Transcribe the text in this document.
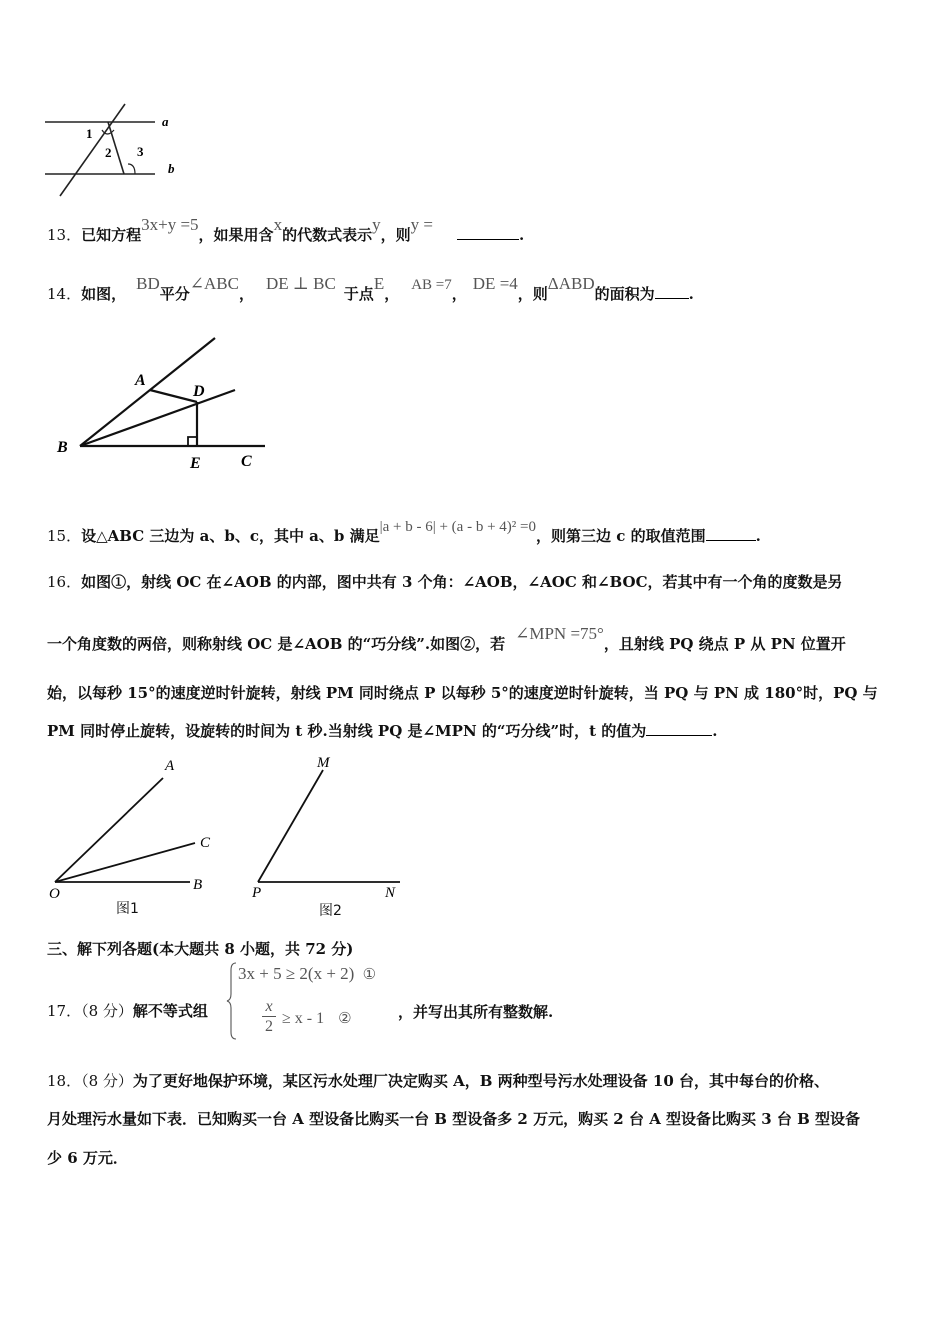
1
2 3
a
b
13．已知方程3x+y =5，如果用含x的代数式表示y，则y =.
14．如图，BD平分∠ABC，DE ⊥ BC于点E， AB =7，DE =4，则ΔABD的面积为 .
A
D
B
E	C
15．设△ABC 三边为 a、b、c，其中 a、b 满足|a + b - 6| + (a - b + 4)² =0，则第三边 c 的取值范围	.
16．如图①，射线 OC 在∠AOB 的内部，图中共有 3 个角：∠AOB，∠AOC 和∠BOC，若其中有一个角的度数是另
一个角度数的两倍，则称射线 OC 是∠AOB 的“巧分线”.如图②，若∠MPN =75°，且射线 PQ 绕点 P 从 PN 位置开
始，以每秒 15°的速度逆时针旋转，射线 PM 同时绕点 P 以每秒 5°的速度逆时针旋转，当 PQ 与 PN 成 180°时，PQ 与
PM 同时停止旋转，设旋转的时间为 t 秒.当射线 PQ 是∠MPN 的“巧分线”时，t 的值为	.
A
C
O
B
M
P	N
图1	图2
三、解下列各题(本大题共 8 小题，共 72 分)
17．（8 分）解不等式组
3x + 5 ≥ 2(x + 2) ①
x
2 ≥ x - 1 ②	，并写出其所有整数解.
18．（8 分）为了更好地保护环境，某区污水处理厂决定购买 A，B 两种型号污水处理设备 10 台，其中每台的价格、
月处理污水量如下表．已知购买一台 A 型设备比购买一台 B 型设备多 2 万元，购买 2 台 A 型设备比购买 3 台 B 型设备
少 6 万元．
